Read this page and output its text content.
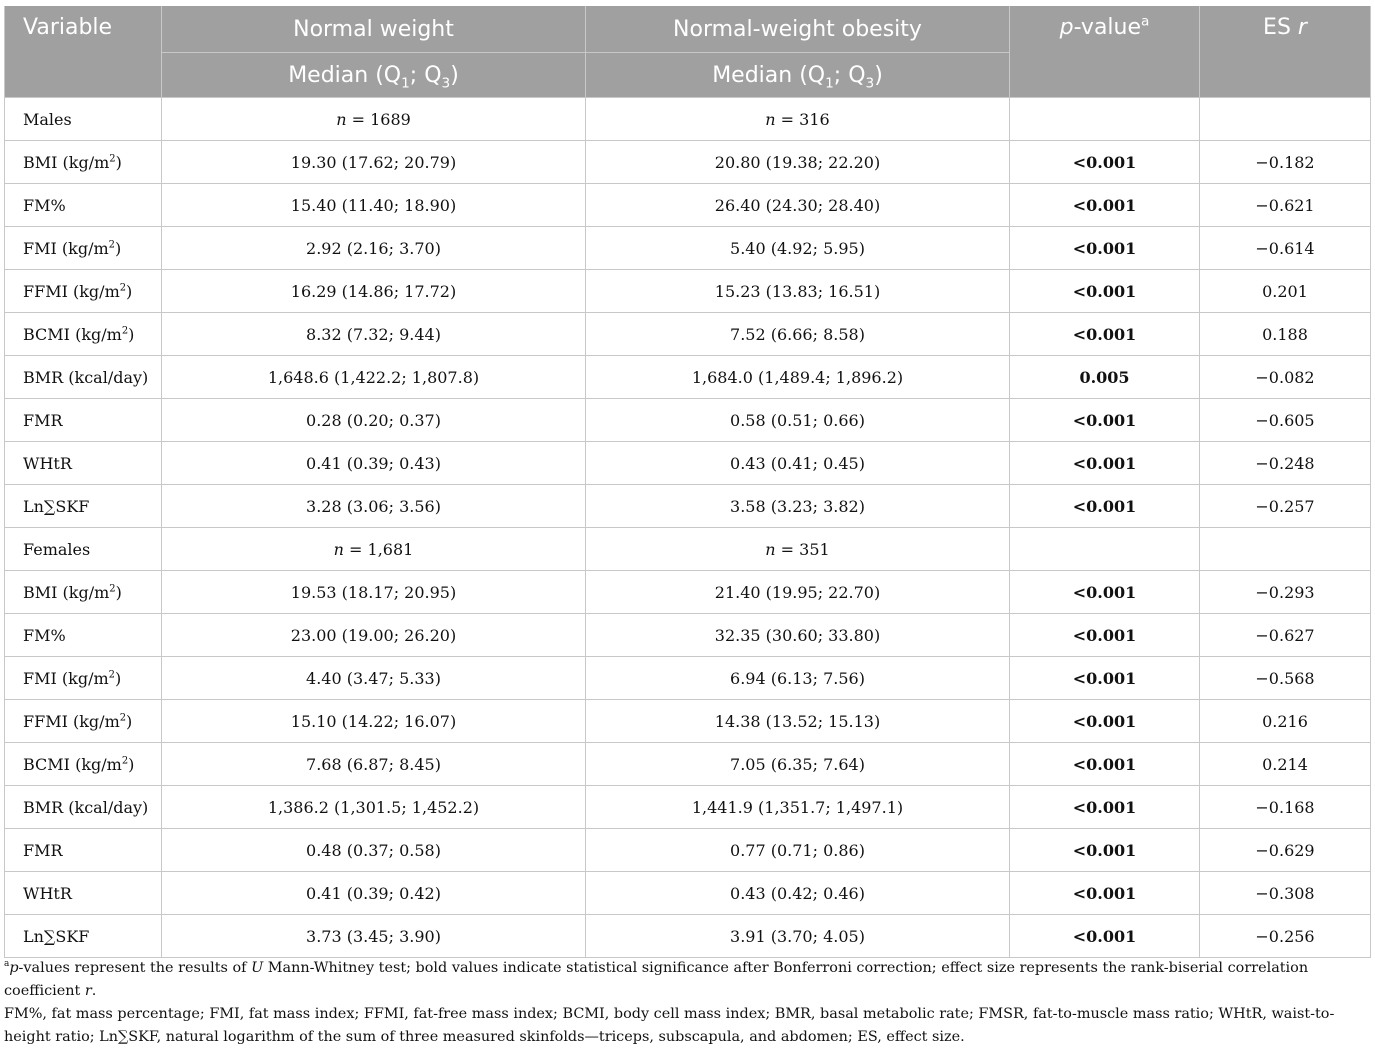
Variable	Normal weight	Normal-weight obesity	p-value$^a$	ES r
	Median ($Q_1$; $Q_3$)	Median ($Q_1$; $Q_3$)		
Males	n = 1689	n = 316		
BMI $(kg/m^2)$	19.30 (17.62; 20.79)	20.80 (19.38; 22.20)	<0.001	−0.182
FM%	15.40 (11.40; 18.90)	26.40 (24.30; 28.40)	<0.001	−0.621
FMI $(kg/m^2)$	2.92 (2.16; 3.70)	5.40 (4.92; 5.95)	<0.001	−0.614
FFMI $(kg/m^2)$	16.29 (14.86; 17.72)	15.23 (13.83; 16.51)	<0.001	0.201
BCMI $(kg/m^2)$	8.32 (7.32; 9.44)	7.52 (6.66; 8.58)	<0.001	0.188
BMR (kcal/day)	1,648.6 (1,422.2; 1,807.8)	1,684.0 (1,489.4; 1,896.2)	0.005	−0.082
FMR	0.28 (0.20; 0.37)	0.58 (0.51; 0.66)	<0.001	−0.605
WHtR	0.41 (0.39; 0.43)	0.43 (0.41; 0.45)	<0.001	−0.248
Ln∑SKF	3.28 (3.06; 3.56)	3.58 (3.23; 3.82)	<0.001	−0.257
Females	n = 1,681	n = 351		
BMI $(kg/m^2)$	19.53 (18.17; 20.95)	21.40 (19.95; 22.70)	<0.001	−0.293
FM%	23.00 (19.00; 26.20)	32.35 (30.60; 33.80)	<0.001	−0.627
FMI $(kg/m^2)$	4.40 (3.47; 5.33)	6.94 (6.13; 7.56)	<0.001	−0.568
FFMI $(kg/m^2)$	15.10 (14.22; 16.07)	14.38 (13.52; 15.13)	<0.001	0.216
BCMI $(kg/m^2)$	7.68 (6.87; 8.45)	7.05 (6.35; 7.64)	<0.001	0.214
BMR (kcal/day)	1,386.2 (1,301.5; 1,452.2)	1,441.9 (1,351.7; 1,497.1)	<0.001	−0.168
FMR	0.48 (0.37; 0.58)	0.77 (0.71; 0.86)	<0.001	−0.629
WHtR	0.41 (0.39; 0.42)	0.43 (0.42; 0.46)	<0.001	−0.308
Ln∑SKF	3.73 (3.45; 3.90)	3.91 (3.70; 4.05)	<0.001	−0.256

$^a$p-values represent the results of U Mann-Whitney test; bold values indicate statistical significance after Bonferroni correction; effect size represents the rank-biserial correlation coefficient r.

FM%, fat mass percentage; FMI, fat mass index; FFMI, fat-free mass index; BCMI, body cell mass index; BMR, basal metabolic rate; FMSR, fat-to-muscle mass ratio; WHtR, waist-to-height ratio; Ln∑SKF, natural logarithm of the sum of three measured skinfolds—triceps, subscapula, and abdomen; ES, effect size.
